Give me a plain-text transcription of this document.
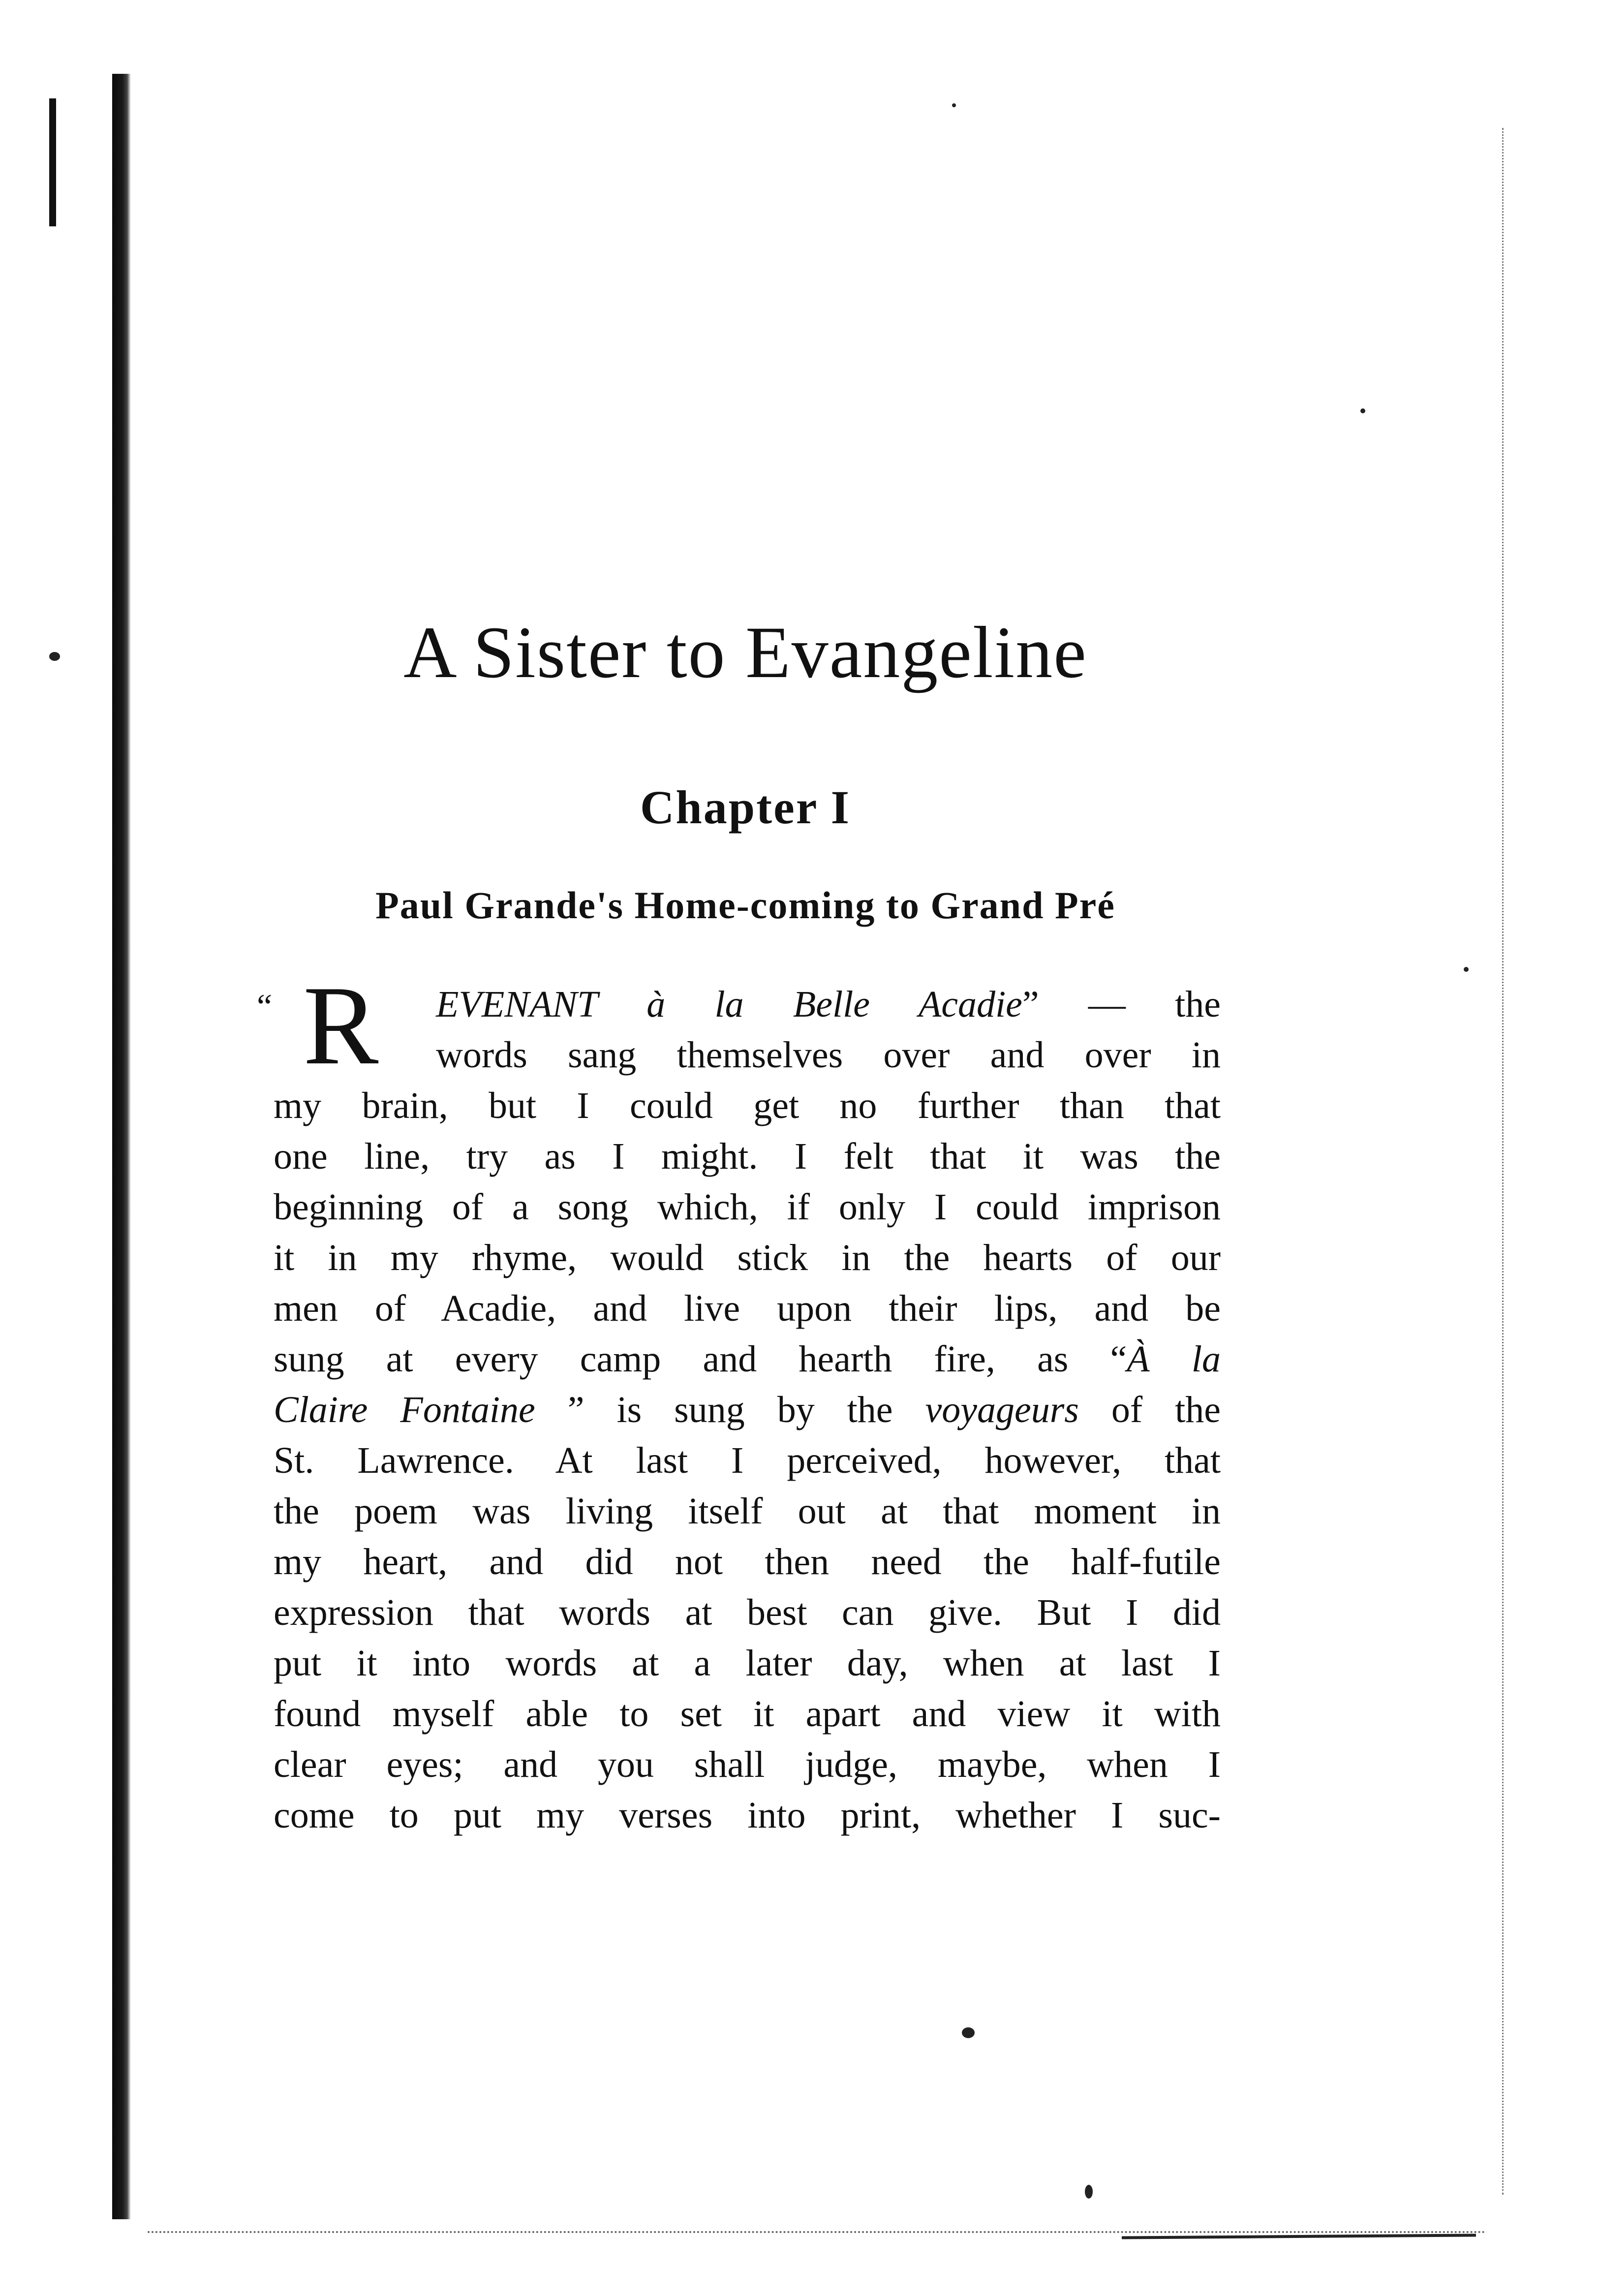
A Sister to Evangeline
Chapter I
Paul Grande's Home-coming to Grand Pré
“ R	EVENANT à la Belle Acadie” — the
words sang themselves over and over in
my brain, but I could get no further than that
one line, try as I might. I felt that it was the
beginning of a song which, if only I could imprison
it in my rhyme, would stick in the hearts of our
men of Acadie, and live upon their lips, and be
sung at every camp and hearth fire, as “À la
Claire Fontaine ” is sung by the voyageurs of the
St. Lawrence. At last I perceived, however, that
the poem was living itself out at that moment in
my heart, and did not then need the half-futile
expression that words at best can give. But I did
put it into words at a later day, when at last I
found myself able to set it apart and view it with
clear eyes; and you shall judge, maybe, when I
come to put my verses into print, whether I suc-
